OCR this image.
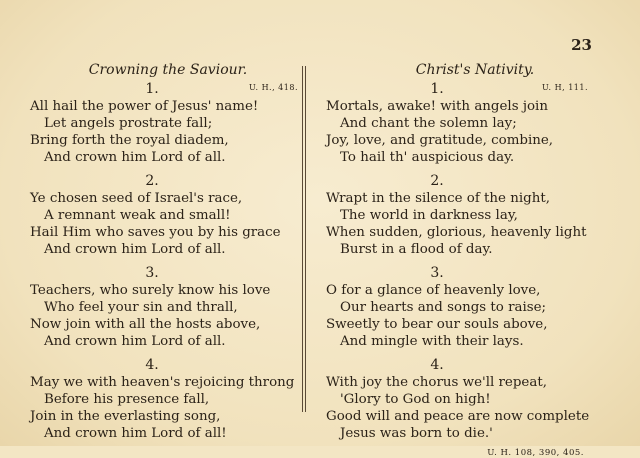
23
Crowning the Saviour.
1.	U. H., 418.
All hail the power of Jesus' name!
Let angels prostrate fall;
Bring forth the royal diadem,
And crown him Lord of all.
2.
Ye chosen seed of Israel's race,
A remnant weak and small!
Hail Him who saves you by his grace
And crown him Lord of all.
3.
Teachers, who surely know his love
Who feel your sin and thrall,
Now join with all the hosts above,
And crown him Lord of all.
4.
May we with heaven's rejoicing throng
Before his presence fall,
Join in the everlasting song,
And crown him Lord of all!
Christ's Nativity.
1.	U. H, 111.
Mortals, awake! with angels join
And chant the solemn lay;
Joy, love, and gratitude, combine,
To hail th' auspicious day.
2.
Wrapt in the silence of the night,
The world in darkness lay,
When sudden, glorious, heavenly light
Burst in a flood of day.
3.
O for a glance of heavenly love,
Our hearts and songs to raise;
Sweetly to bear our souls above,
And mingle with their lays.
4.
With joy the chorus we'll repeat,
'Glory to God on high!
Good will and peace are now complete
Jesus was born to die.'
U. H. 108, 390, 405.
